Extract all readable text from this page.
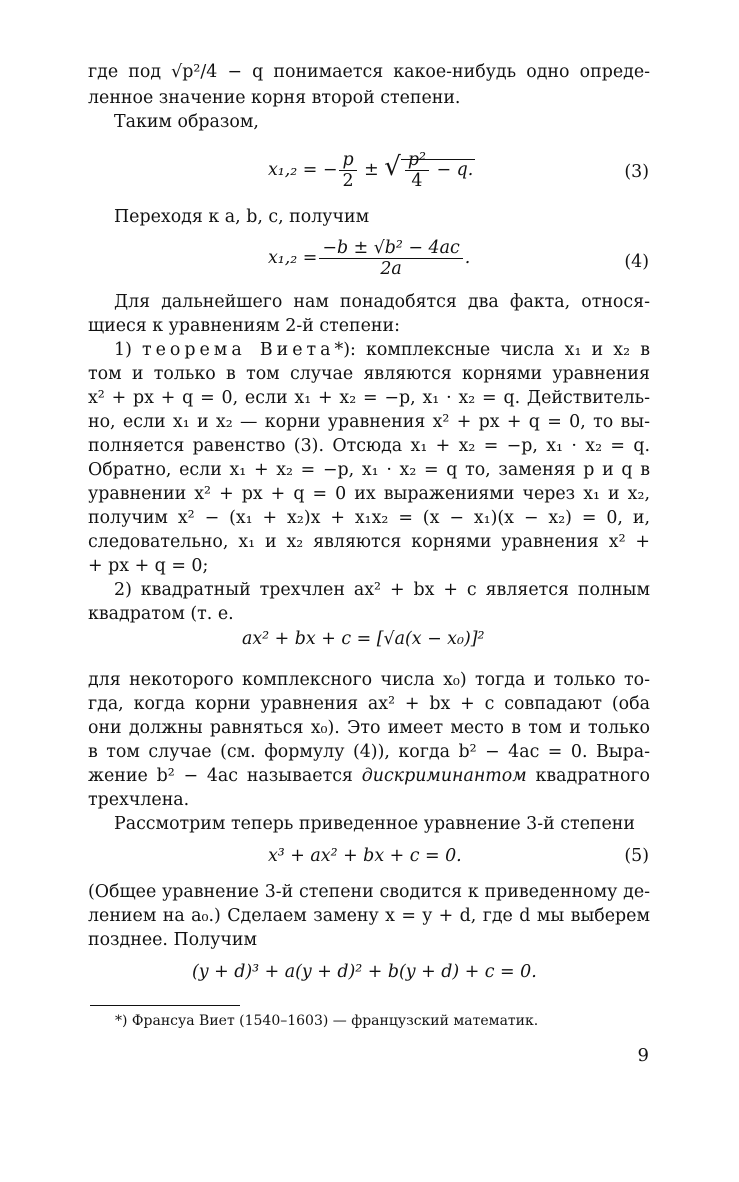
где под √p²/4 − q понимается какое-нибудь одно опреде-
ленное значение корня второй степени.
Таким образом,
x₁,₂ = − $\frac{p}{2}$ ± √ $\frac{\text{p²}}{4} - q$.	(3)
Переходя к a, b, c, получим
$x_1,_2 = \frac{\text{−b ± √b² − 4ac}}{2a}$ .	(4)
Для дальнейшего нам понадобятся два факта, относя-
щиеся к уравнениям 2-й степени:
1) теорема Виета*): комплексные числа x₁ и x₂ в
том и только в том случае являются корнями уравнения
x² + px + q = 0, если x₁ + x₂ = −p, x₁ · x₂ = q. Действитель-
но, если x₁ и x₂ — корни уравнения x² + px + q = 0, то вы-
полняется равенство (3). Отсюда x₁ + x₂ = −p, x₁ · x₂ = q.
Обратно, если x₁ + x₂ = −p, x₁ · x₂ = q то, заменяя p и q в
уравнении x² + px + q = 0 их выражениями через x₁ и x₂,
получим x² − (x₁ + x₂)x + x₁x₂ = (x − x₁)(x − x₂) = 0, и,
следовательно, x₁ и x₂ являются корнями уравнения x² +
+ px + q = 0;
2) квадратный трехчлен ax² + bx + c является полным
квадратом (т. е.
ax² + bx + c = [√a(x − x₀)]²
для некоторого комплексного числа x₀) тогда и только то-
гда, когда корни уравнения ax² + bx + c совпадают (оба
они должны равняться x₀). Это имеет место в том и только
в том случае (см. формулу (4)), когда b² − 4ac = 0. Выра-
жение b² − 4ac называется дискриминантом квадратного
трехчлена.
Рассмотрим теперь приведенное уравнение 3-й степени
x³ + ax² + bx + c = 0.	(5)
(Общее уравнение 3-й степени сводится к приведенному де-
лением на a₀.) Сделаем замену x = y + d, где d мы выберем
позднее. Получим
(y + d)³ + a(y + d)² + b(y + d) + c = 0.
*) Франсуа Виет (1540–1603) — французский математик.
9
